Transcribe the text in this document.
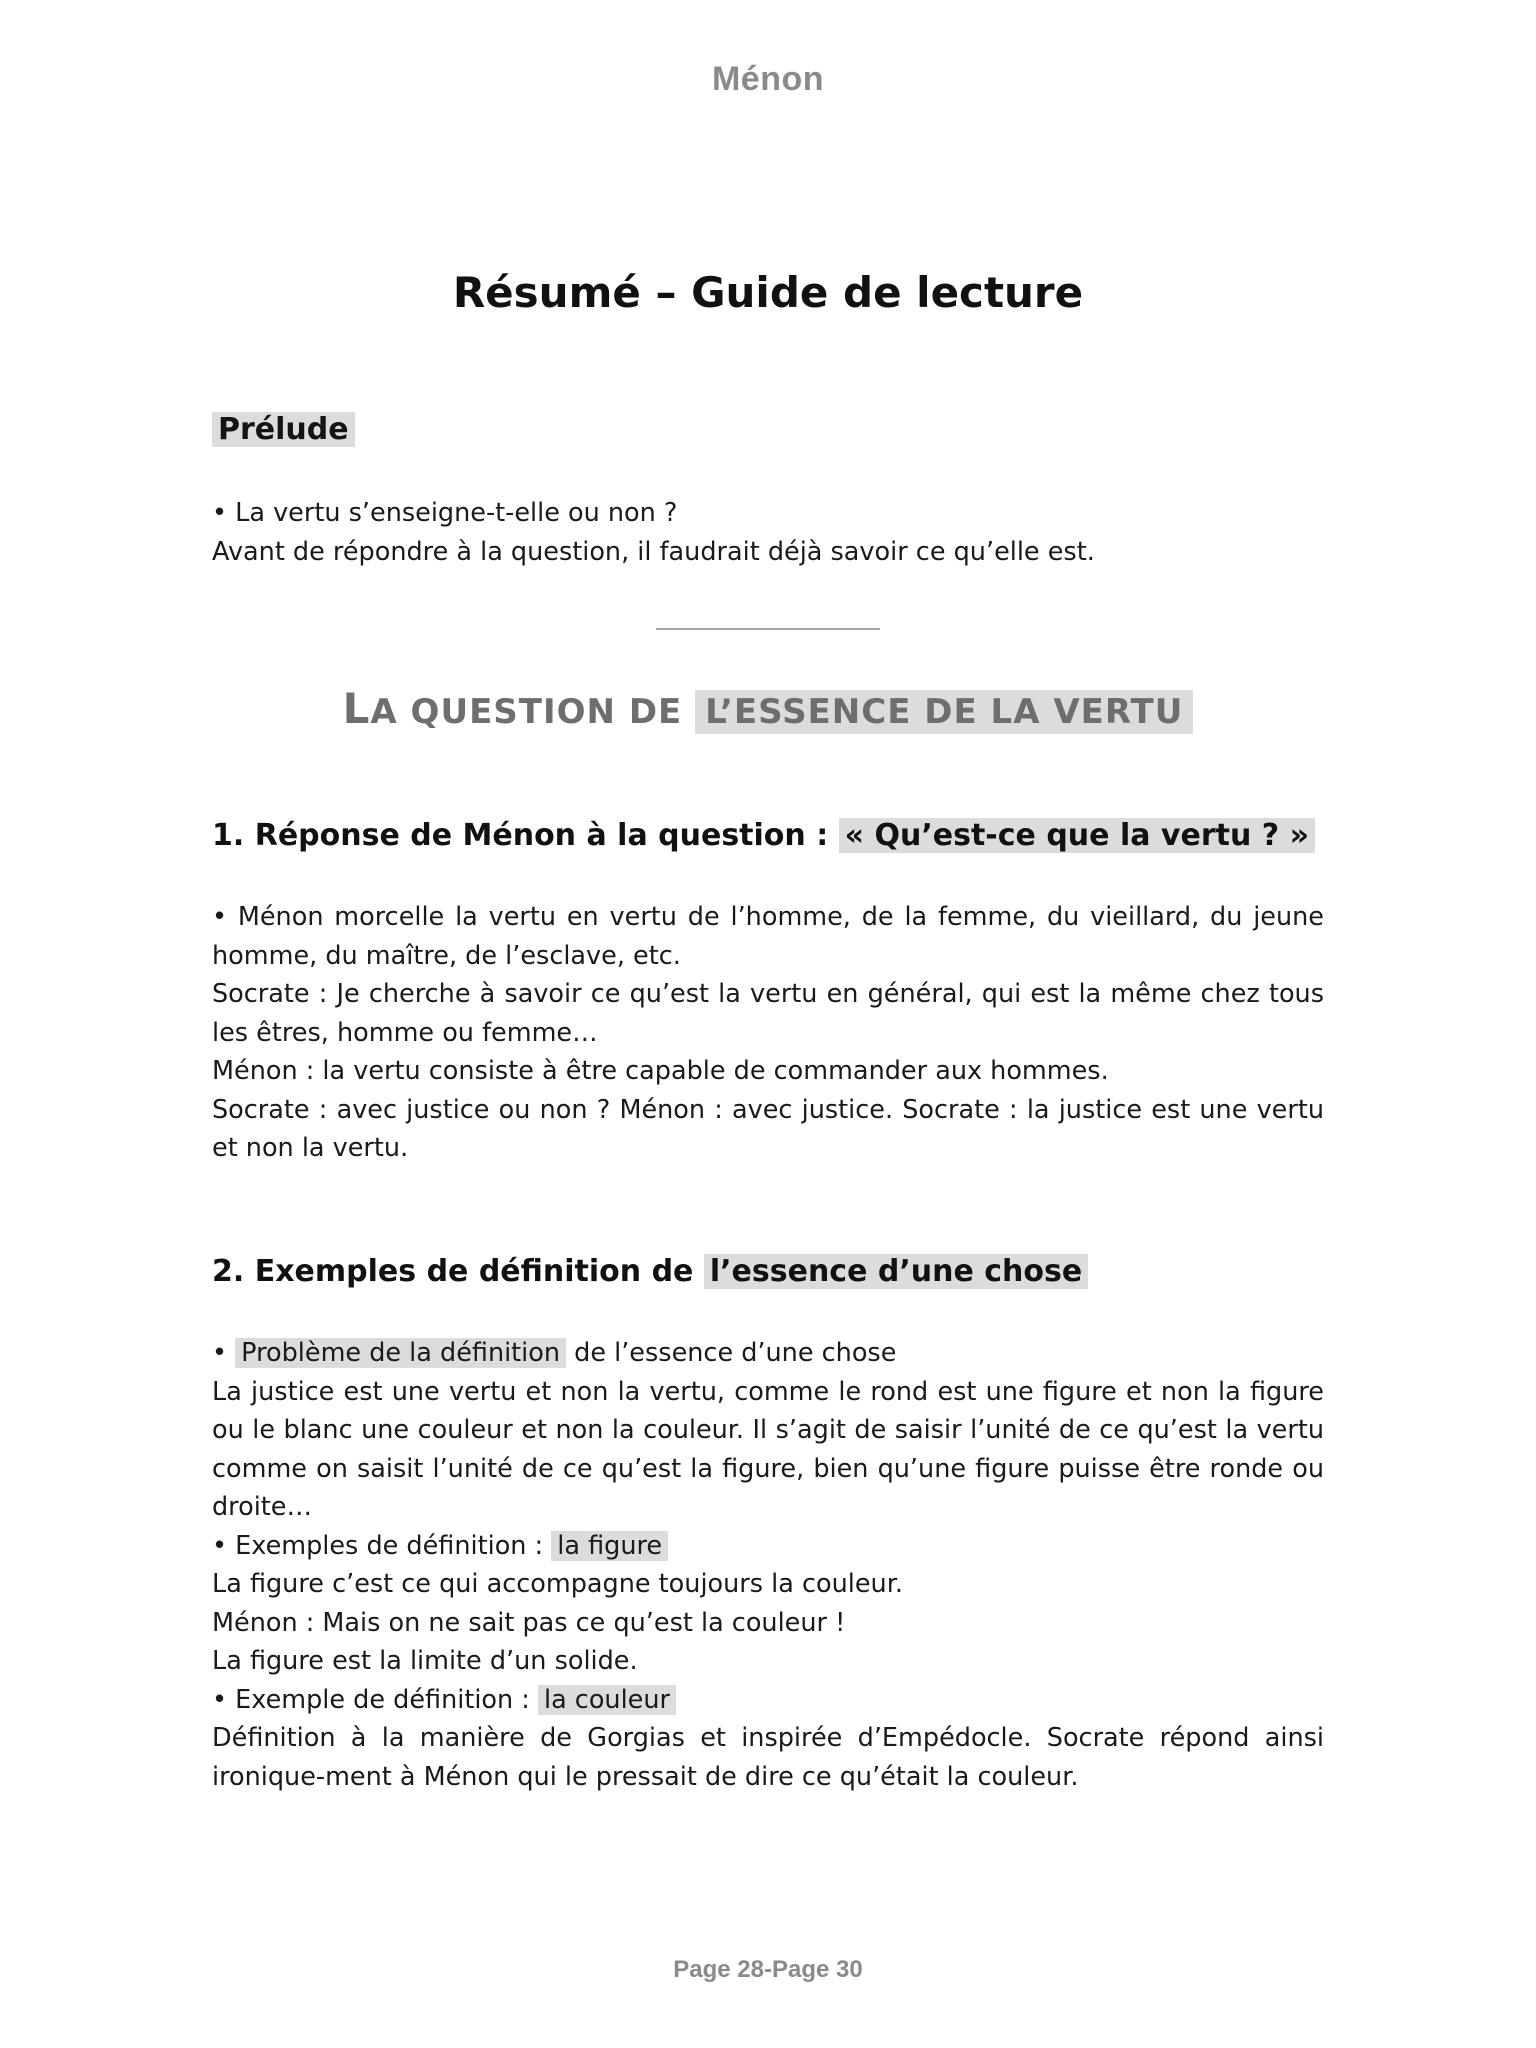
Ménon
Résumé – Guide de lecture
Prélude

• La vertu s’enseigne-t-elle ou non ?

Avant de répondre à la question, il faudrait déjà savoir ce qu’elle est.

LA QUESTION DE L’ESSENCE DE LA VERTU
1. Réponse de Ménon à la question : « Qu’est-ce que la vertu ? »

• Ménon morcelle la vertu en vertu de l’homme, de la femme, du vieillard, du jeune homme, du maître, de l’esclave, etc.

Socrate : Je cherche à savoir ce qu’est la vertu en général, qui est la même chez tous les êtres, homme ou femme…

Ménon : la vertu consiste à être capable de commander aux hommes.

Socrate : avec justice ou non ? Ménon : avec justice. Socrate : la justice est une vertu et non la vertu.

2. Exemples de définition de l’essence d’une chose

• Problème de la définition de l’essence d’une chose

La justice est une vertu et non la vertu, comme le rond est une figure et non la figure ou le blanc une couleur et non la couleur. Il s’agit de saisir l’unité de ce qu’est la vertu comme on saisit l’unité de ce qu’est la figure, bien qu’une figure puisse être ronde ou droite…

• Exemples de définition : la figure

La figure c’est ce qui accompagne toujours la couleur.

Ménon : Mais on ne sait pas ce qu’est la couleur !

La figure est la limite d’un solide.

• Exemple de définition : la couleur

Définition à la manière de Gorgias et inspirée d’Empédocle. Socrate répond ainsi ironique-ment à Ménon qui le pressait de dire ce qu’était la couleur.

Page 28-Page 30
